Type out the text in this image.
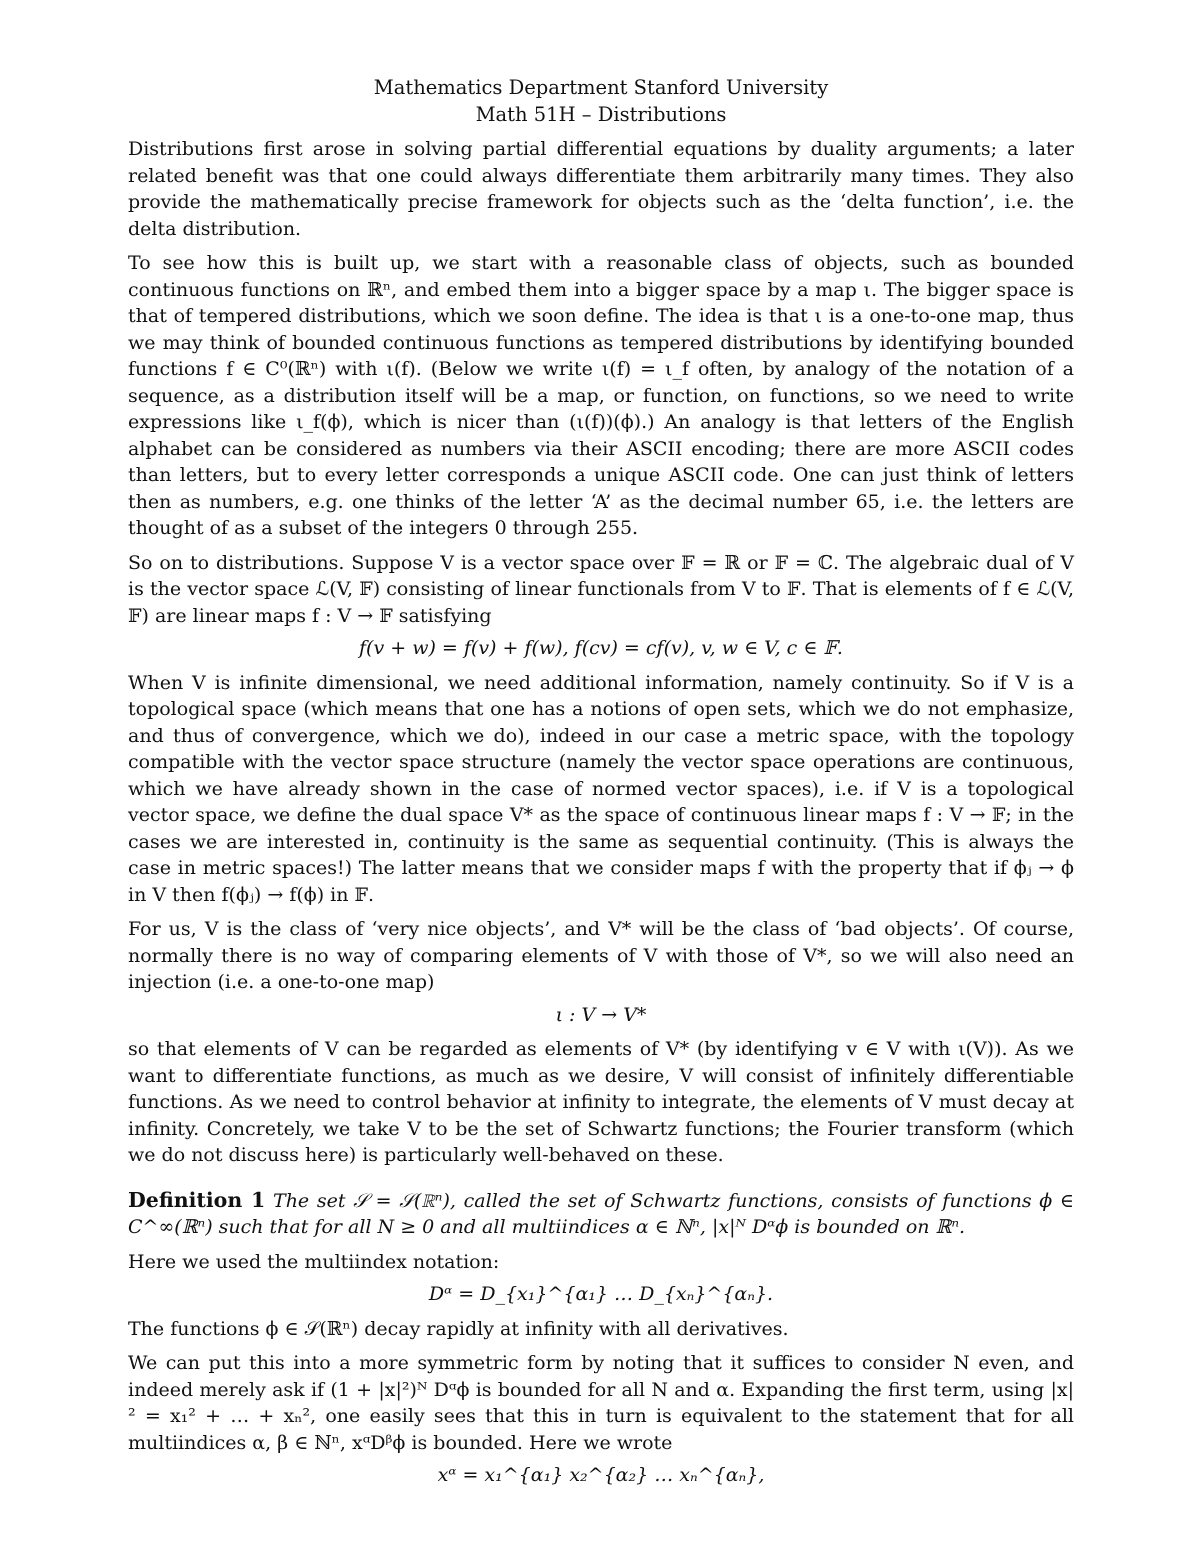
Mathematics Department Stanford University

Math 51H – Distributions

Distributions first arose in solving partial differential equations by duality arguments; a later related benefit was that one could always differentiate them arbitrarily many times. They also provide the mathematically precise framework for objects such as the ‘delta function’, i.e. the delta distribution.

To see how this is built up, we start with a reasonable class of objects, such as bounded continuous functions on ℝⁿ, and embed them into a bigger space by a map ι. The bigger space is that of tempered distributions, which we soon define. The idea is that ι is a one-to-one map, thus we may think of bounded continuous functions as tempered distributions by identifying bounded functions f ∈ C⁰(ℝⁿ) with ι(f). (Below we write ι(f) = ι_f often, by analogy of the notation of a sequence, as a distribution itself will be a map, or function, on functions, so we need to write expressions like ι_f(ϕ), which is nicer than (ι(f))(ϕ).) An analogy is that letters of the English alphabet can be considered as numbers via their ASCII encoding; there are more ASCII codes than letters, but to every letter corresponds a unique ASCII code. One can just think of letters then as numbers, e.g. one thinks of the letter ‘A’ as the decimal number 65, i.e. the letters are thought of as a subset of the integers 0 through 255.

So on to distributions. Suppose V is a vector space over 𝔽 = ℝ or 𝔽 = ℂ. The algebraic dual of V is the vector space ℒ(V, 𝔽) consisting of linear functionals from V to 𝔽. That is elements of f ∈ ℒ(V, 𝔽) are linear maps f : V → 𝔽 satisfying

f(v + w) = f(v) + f(w), f(cv) = cf(v), v, w ∈ V, c ∈ 𝔽.

When V is infinite dimensional, we need additional information, namely continuity. So if V is a topological space (which means that one has a notions of open sets, which we do not emphasize, and thus of convergence, which we do), indeed in our case a metric space, with the topology compatible with the vector space structure (namely the vector space operations are continuous, which we have already shown in the case of normed vector spaces), i.e. if V is a topological vector space, we define the dual space V* as the space of continuous linear maps f : V → 𝔽; in the cases we are interested in, continuity is the same as sequential continuity. (This is always the case in metric spaces!) The latter means that we consider maps f with the property that if ϕⱼ → ϕ in V then f(ϕⱼ) → f(ϕ) in 𝔽.

For us, V is the class of ‘very nice objects’, and V* will be the class of ‘bad objects’. Of course, normally there is no way of comparing elements of V with those of V*, so we will also need an injection (i.e. a one-to-one map)

ι : V → V*

so that elements of V can be regarded as elements of V* (by identifying v ∈ V with ι(V)). As we want to differentiate functions, as much as we desire, V will consist of infinitely differentiable functions. As we need to control behavior at infinity to integrate, the elements of V must decay at infinity. Concretely, we take V to be the set of Schwartz functions; the Fourier transform (which we do not discuss here) is particularly well-behaved on these.

Definition 1 The set 𝒮 = 𝒮(ℝⁿ), called the set of Schwartz functions, consists of functions ϕ ∈ C^∞(ℝⁿ) such that for all N ≥ 0 and all multiindices α ∈ ℕⁿ, |x|ᴺ Dᵅϕ is bounded on ℝⁿ.

Here we used the multiindex notation:

Dᵅ = D_{x₁}^{α₁} … D_{xₙ}^{αₙ}.

The functions ϕ ∈ 𝒮(ℝⁿ) decay rapidly at infinity with all derivatives.

We can put this into a more symmetric form by noting that it suffices to consider N even, and indeed merely ask if (1 + |x|²)ᴺ Dᵅϕ is bounded for all N and α. Expanding the first term, using |x|² = x₁² + … + xₙ², one easily sees that this in turn is equivalent to the statement that for all multiindices α, β ∈ ℕⁿ, xᵅDᵝϕ is bounded. Here we wrote

xᵅ = x₁^{α₁} x₂^{α₂} … xₙ^{αₙ},
